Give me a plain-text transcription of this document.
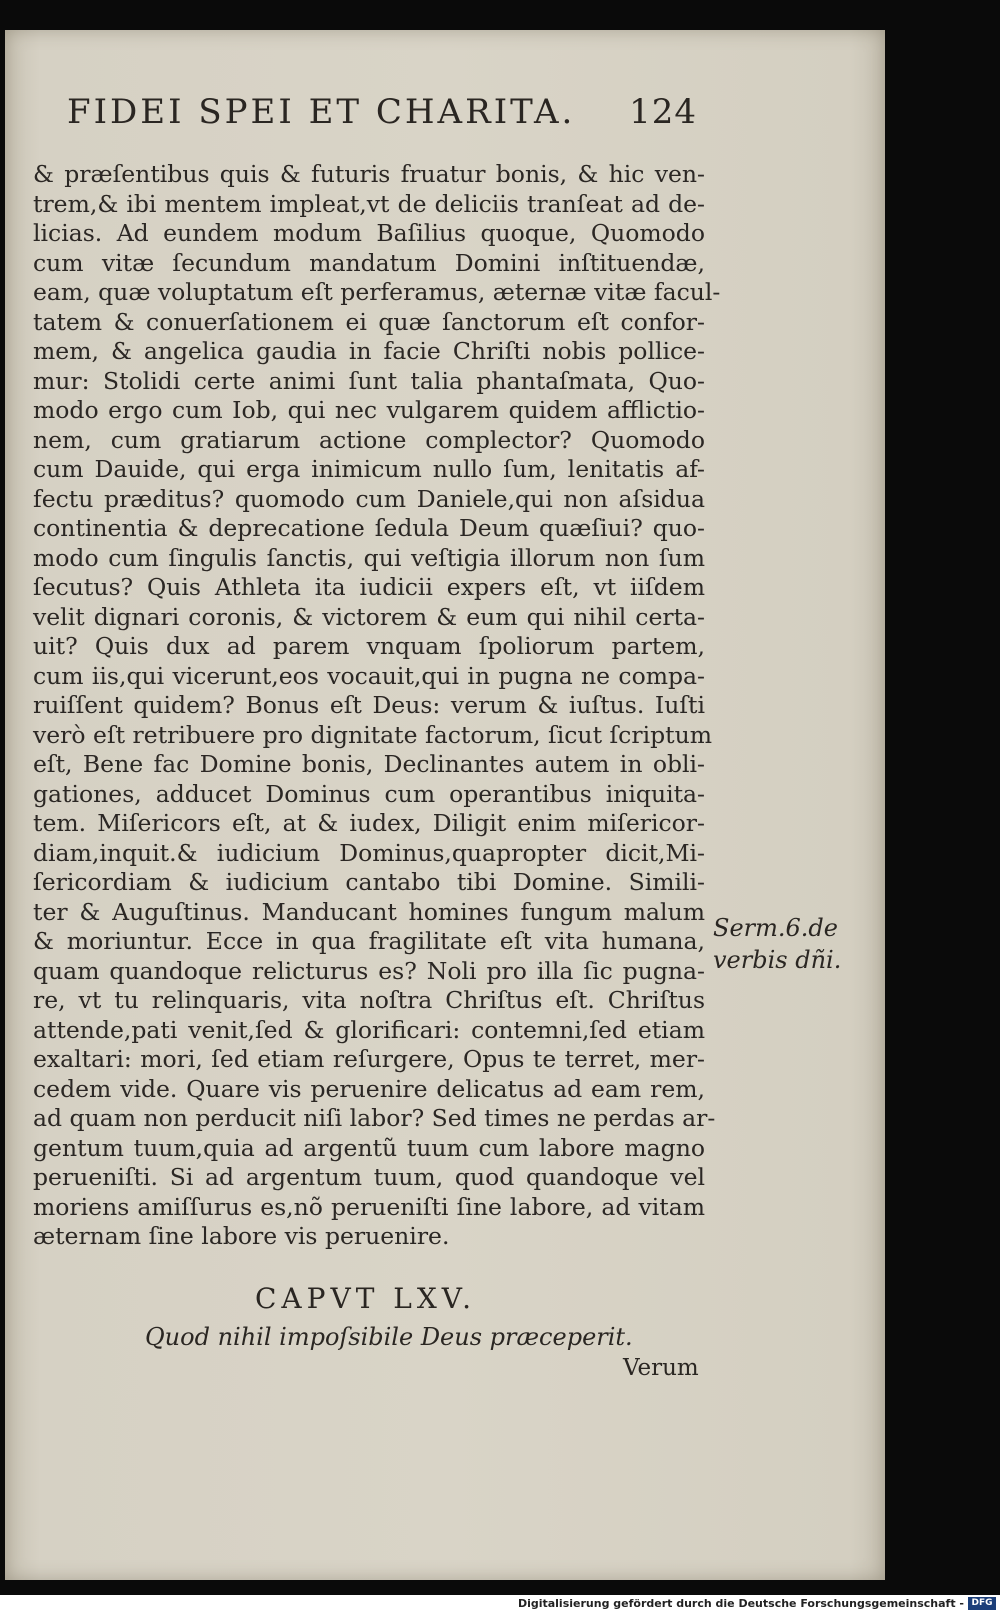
FIDEI SPEI ET CHARITA. 124
& præſentibus quis & futuris fruatur bonis, & hic ven-
trem,& ibi mentem impleat,vt de deliciis tranſeat ad de-
licias. Ad eundem modum Baſilius quoque, Quomodo
cum vitæ ſecundum mandatum Domini inſtituendæ,
eam, quæ voluptatum eſt perferamus, æternæ vitæ facul-
tatem & conuerſationem ei quæ ſanctorum eſt confor-
mem, & angelica gaudia in facie Chriſti nobis pollice-
mur: Stolidi certe animi ſunt talia phantaſmata, Quo-
modo ergo cum Iob, qui nec vulgarem quidem afflictio-
nem, cum gratiarum actione complector? Quomodo
cum Dauide, qui erga inimicum nullo ſum, lenitatis af-
fectu præditus? quomodo cum Daniele,qui non aſsidua
continentia & deprecatione ſedula Deum quæſiui? quo-
modo cum ſingulis ſanctis, qui veſtigia illorum non ſum
ſecutus? Quis Athleta ita iudicii expers eſt, vt iiſdem
velit dignari coronis, & victorem & eum qui nihil certa-
uit? Quis dux ad parem vnquam ſpoliorum partem,
cum iis,qui vicerunt,eos vocauit,qui in pugna ne compa-
ruiſſent quidem? Bonus eſt Deus: verum & iuſtus. Iuſti
verò eſt retribuere pro dignitate factorum, ſicut ſcriptum
eſt, Bene fac Domine bonis, Declinantes autem in obli-
gationes, adducet Dominus cum operantibus iniquita-
tem. Miſericors eſt, at & iudex, Diligit enim miſericor-
diam,inquit.& iudicium Dominus,quapropter dicit,Mi-
ſericordiam & iudicium cantabo tibi Domine. Simili-
ter & Auguſtinus. Manducant homines fungum malum
& moriuntur. Ecce in qua fragilitate eſt vita humana,
quam quandoque relicturus es? Noli pro illa ſic pugna-
re, vt tu relinquaris, vita noſtra Chriſtus eſt. Chriſtus
attende,pati venit,ſed & glorificari: contemni,ſed etiam
exaltari: mori, ſed etiam reſurgere, Opus te terret, mer-
cedem vide. Quare vis peruenire delicatus ad eam rem,
ad quam non perducit niſi labor? Sed times ne perdas ar-
gentum tuum,quia ad argentũ tuum cum labore magno
perueniſti. Si ad argentum tuum, quod quandoque vel
moriens amiſſurus es,nõ perueniſti ſine labore, ad vitam
æternam ſine labore vis peruenire.
Serm.6.de
verbis dñi.
CAPVT LXV.
Quod nihil impoſsibile Deus præceperit.
Verum
Digitalisierung gefördert durch die Deutsche Forschungsgemeinschaft - DFG
